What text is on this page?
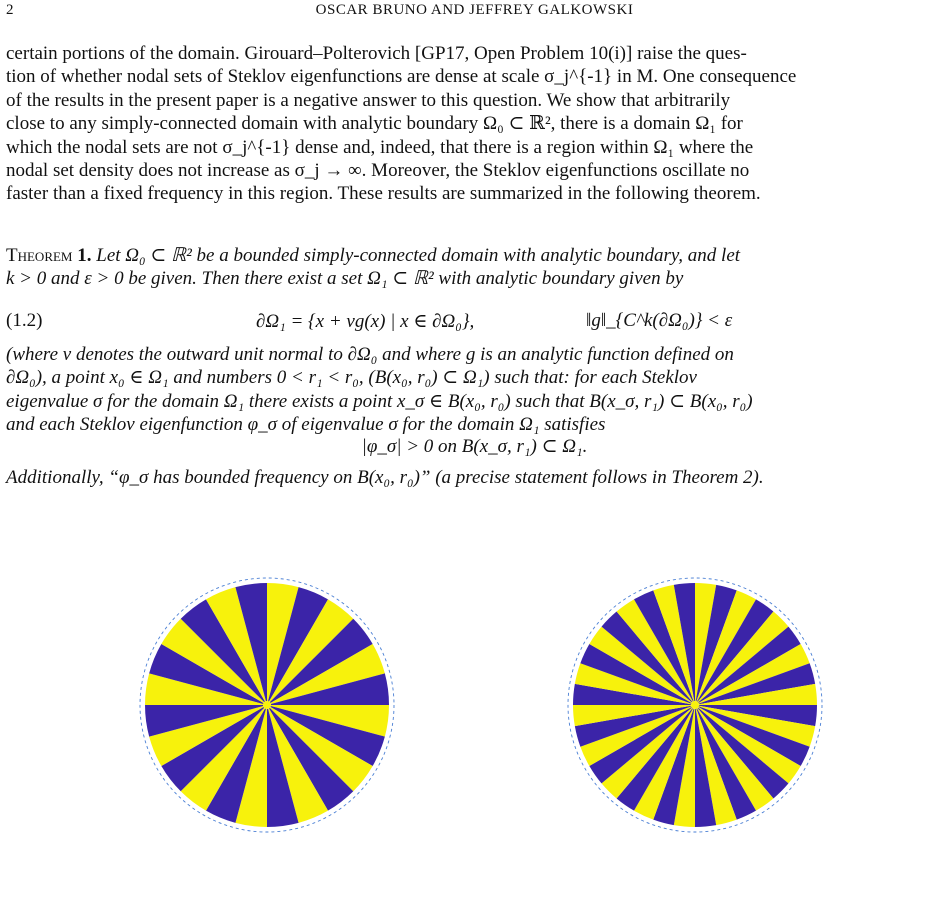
2	OSCAR BRUNO AND JEFFREY GALKOWSKI

certain portions of the domain. Girouard–Polterovich [GP17, Open Problem 10(i)] raise the ques-

tion of whether nodal sets of Steklov eigenfunctions are dense at scale σ_j^{-1} in M. One consequence

of the results in the present paper is a negative answer to this question. We show that arbitrarily

close to any simply-connected domain with analytic boundary Ω₀ ⊂ ℝ², there is a domain Ω₁ for

which the nodal sets are not σ_j^{-1} dense and, indeed, that there is a region within Ω₁ where the

nodal set density does not increase as σ_j → ∞. Moreover, the Steklov eigenfunctions oscillate no

faster than a fixed frequency in this region. These results are summarized in the following theorem.

Theorem 1. Let Ω₀ ⊂ ℝ² be a bounded simply-connected domain with analytic boundary, and let
k > 0 and ε > 0 be given. Then there exist a set Ω₁ ⊂ ℝ² with analytic boundary given by
(1.2)	∂Ω₁ = {x + νg(x) | x ∈ ∂Ω₀},	‖g‖_{C^k(∂Ω₀)} < ε
(where ν denotes the outward unit normal to ∂Ω₀ and where g is an analytic function defined on
∂Ω₀), a point x₀ ∈ Ω₁ and numbers 0 < r₁ < r₀, (B(x₀, r₀) ⊂ Ω₁) such that: for each Steklov
eigenvalue σ for the domain Ω₁ there exists a point x_σ ∈ B(x₀, r₀) such that B(x_σ, r₁) ⊂ B(x₀, r₀)
and each Steklov eigenfunction φ_σ of eigenvalue σ for the domain Ω₁ satisfies
|φ_σ| > 0 on B(x_σ, r₁) ⊂ Ω₁.
Additionally, “φ_σ has bounded frequency on B(x₀, r₀)” (a precise statement follows in Theorem 2).
